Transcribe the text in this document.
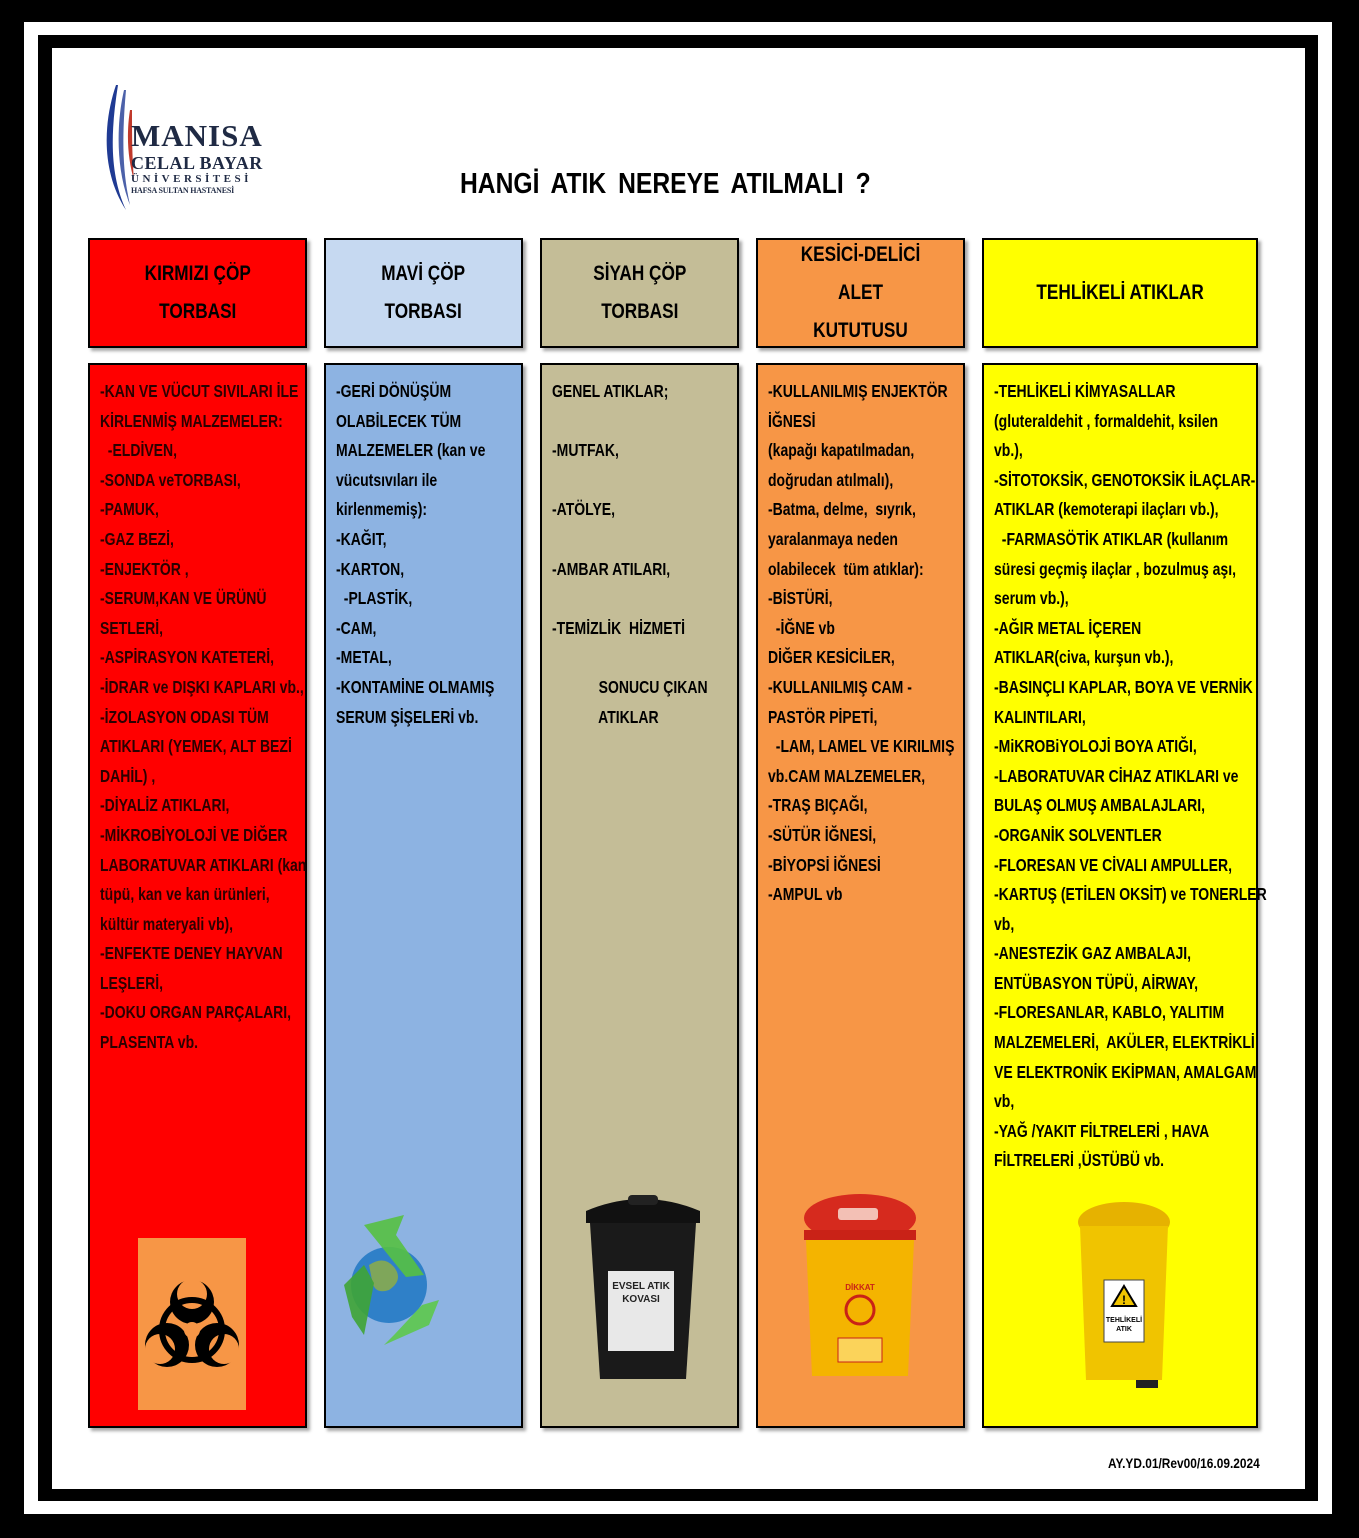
MANISA
CELAL BAYAR
ÜNİVERSİTESİ
HAFSA SULTAN HASTANESİ	HANGİ ATIK NEREYE ATILMALI ?
KIRMIZI ÇÖP
TORBASI
MAVİ ÇÖP
TORBASI
SİYAH ÇÖP
TORBASI
KESİCİ-DELİCİ ALET
KUTUTUSU
TEHLİKELİ ATIKLAR
-KAN VE VÜCUT SIVILARI İLE
KİRLENMİŞ MALZEMELER:
-ELDİVEN,
-SONDA veTORBASI,
-PAMUK,
-GAZ BEZİ,
-ENJEKTÖR ,
-SERUM,KAN VE ÜRÜNÜ
SETLERİ,
-ASPİRASYON KATETERİ,
-İDRAR ve DIŞKI KAPLARI vb.,
-İZOLASYON ODASI TÜM
ATIKLARI (YEMEK, ALT BEZİ
DAHİL) ,
-DİYALİZ ATIKLARI,
-MİKROBİYOLOJİ VE DİĞER
LABORATUVAR ATIKLARI (kan
tüpü, kan ve kan ürünleri,
kültür materyali vb),
-ENFEKTE DENEY HAYVAN
LEŞLERİ,
-DOKU ORGAN PARÇALARI,
PLASENTA vb.
-GERİ DÖNÜŞÜM
OLABİLECEK TÜM
MALZEMELER (kan ve
vücutsıvıları ile
kirlenmemiş):
-KAĞIT,
-KARTON,
-PLASTİK,
-CAM,
-METAL,
-KONTAMİNE OLMAMIŞ
SERUM ŞİŞELERİ vb.
GENEL ATIKLAR;

-MUTFAK,

-ATÖLYE,

-AMBAR ATILARI,

-TEMİZLİK  HİZMETİ

SONUCU ÇIKAN
ATIKLAR
EVSEL ATIK
KOVASI
-KULLANILMIŞ ENJEKTÖR
İĞNESİ
(kapağı kapatılmadan,
doğrudan atılmalı),
-Batma, delme,  sıyrık,
yaralanmaya neden
olabilecek  tüm atıklar):
-BİSTÜRİ,
-İĞNE vb
DİĞER KESİCİLER,
-KULLANILMIŞ CAM -
PASTÖR PİPETİ,
-LAM, LAMEL VE KIRILMIŞ
vb.CAM MALZEMELER,
-TRAŞ BIÇAĞI,
-SÜTÜR İĞNESİ,
-BİYOPSİ İĞNESİ
-AMPUL vb
DİKKAT
-TEHLİKELİ KİMYASALLAR
(gluteraldehit , formaldehit, ksilen
vb.),
-SİTOTOKSİK, GENOTOKSİK İLAÇLAR-
ATIKLAR (kemoterapi ilaçları vb.),
-FARMASÖTİK ATIKLAR (kullanım
süresi geçmiş ilaçlar , bozulmuş aşı,
serum vb.),
-AĞIR METAL İÇEREN
ATIKLAR(civa, kurşun vb.),
-BASINÇLI KAPLAR, BOYA VE VERNİK
KALINTILARI,
-MiKROBiYOLOJİ BOYA ATIĞI,
-LABORATUVAR CİHAZ ATIKLARI ve
BULAŞ OLMUŞ AMBALAJLARI,
-ORGANİK SOLVENTLER
-FLORESAN VE CİVALI AMPULLER,
-KARTUŞ (ETİLEN OKSİT) ve TONERLER
vb,
-ANESTEZİK GAZ AMBALAJI,
ENTÜBASYON TÜPÜ, AİRWAY,
-FLORESANLAR, KABLO, YALITIM
MALZEMELERİ,  AKÜLER, ELEKTRİKLİ
VE ELEKTRONİK EKİPMAN, AMALGAM
vb,
-YAĞ /YAKIT FİLTRELERİ , HAVA
FİLTRELERİ ,ÜSTÜBÜ vb.
!
TEHLİKELİ
ATIK
AY.YD.01/Rev00/16.09.2024
